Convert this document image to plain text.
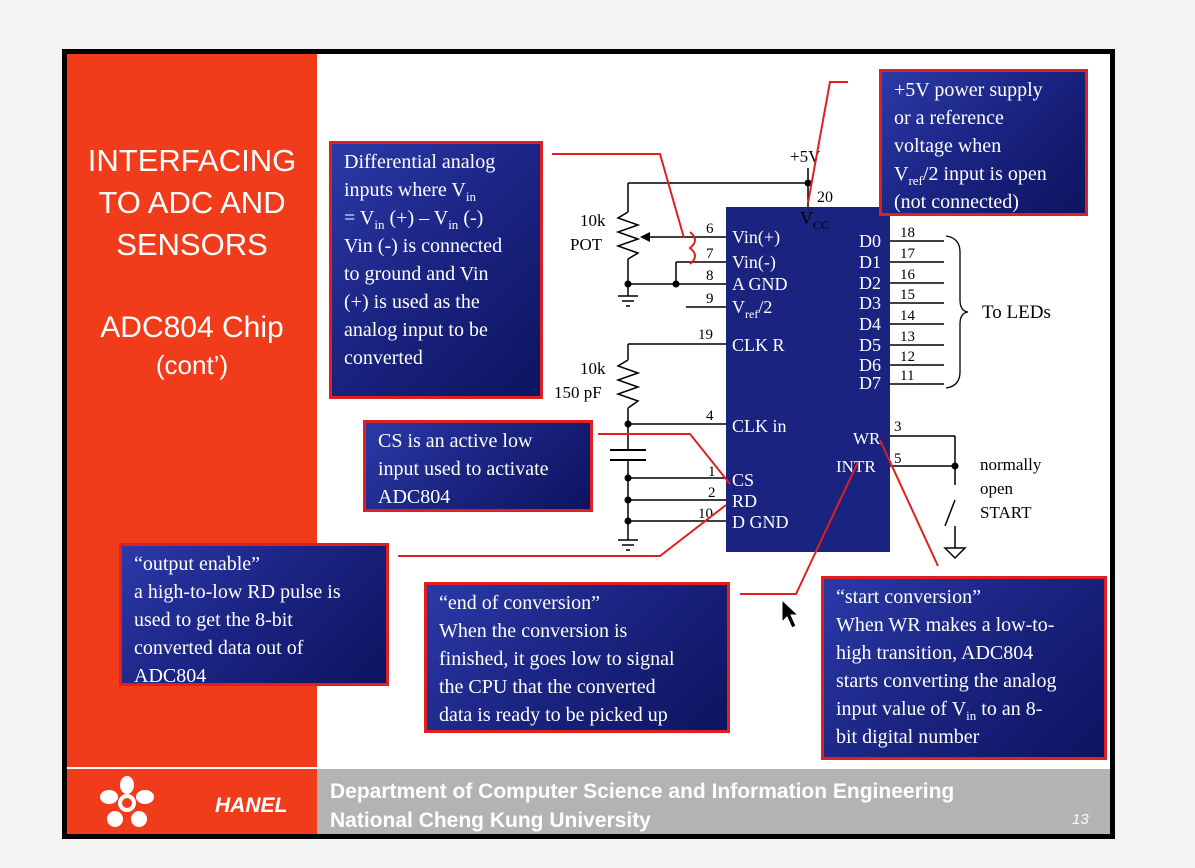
INTERFACING
TO ADC AND
SENSORS
ADC804 Chip
(cont’)
+5V
20
$V_{CC}$
10k
POT
10k
150 pF
6
7
8
9
19
4
1
2
10
Vin(+)
Vin(-)
A GND
$V_{ref}/2$
CLK R
CLK in
CS
RD
D GND
D0
D1
D2
D3
D4
D5
D6
D7
18
17
16
15
14
13
12
11
To LEDs
WR
INTR
3
5	normally
open
START
+5V power supply
or a reference
voltage when
$V_{ref}/2$ input is open
(not connected)
Differential analog
inputs where $V_{in}$
= $V_{in}$ (+) – $V_{in}$ (-)
Vin (-) is connected
to ground and Vin
(+) is used as the
analog input to be
converted
CS is an active low
input used to activate
ADC804
“output enable”
a high-to-low RD pulse is
used to get the 8-bit
converted data out of
ADC804
“end of conversion”
When the conversion is
finished, it goes low to signal
the CPU that the converted
data is ready to be picked up
“start conversion”
When WR makes a low-to-
high transition, ADC804
starts converting the analog
input value of $V_{in}$ to an 8-
bit digital number
HANEL
Department of Computer Science and Information Engineering
National Cheng Kung University	13
